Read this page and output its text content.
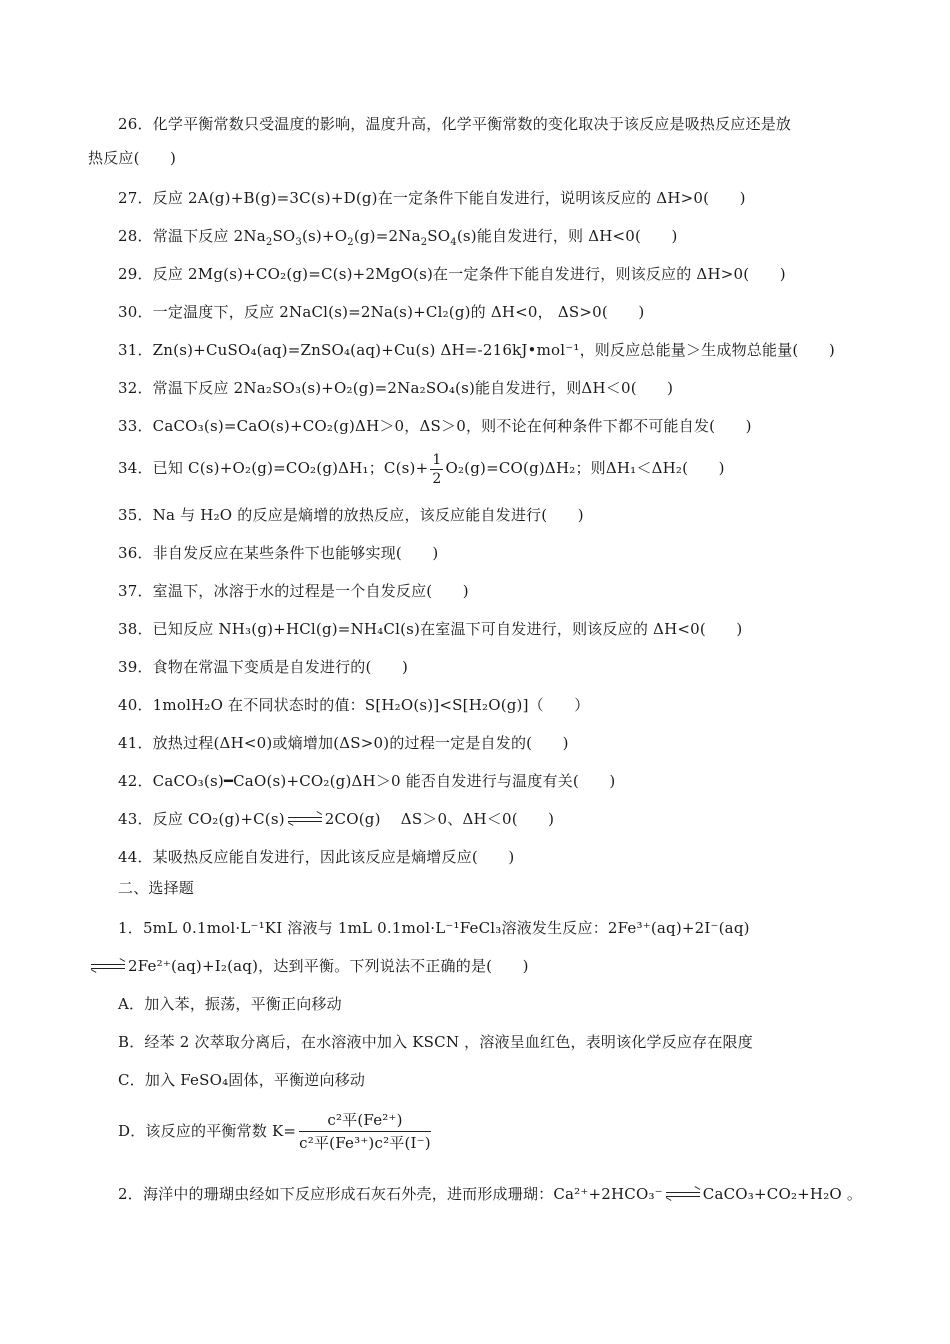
26．化学平衡常数只受温度的影响，温度升高，化学平衡常数的变化取决于该反应是吸热反应还是放
热反应(　　)
27．反应 2A(g)+B(g)=3C(s)+D(g)在一定条件下能自发进行，说明该反应的 ΔH>0(　　)
28．常温下反应 $2Na_2SO_3(s)+O_2(g)=2Na_2SO_4(s)$能自发进行，则 ΔH<0(　　)
29．反应 2Mg(s)+CO₂(g)=C(s)+2MgO(s)在一定条件下能自发进行，则该反应的 ΔH>0(　　)
30．一定温度下，反应 2NaCl(s)=2Na(s)+Cl₂(g)的 ΔH<0， ΔS>0(　　)
31．Zn(s)+CuSO₄(aq)=ZnSO₄(aq)+Cu(s) ΔH=-216kJ•mol⁻¹，则反应总能量＞生成物总能量(　　)
32．常温下反应 2Na₂SO₃(s)+O₂(g)=2Na₂SO₄(s)能自发进行，则ΔH＜0(　　)
33．CaCO₃(s)=CaO(s)+CO₂(g)ΔH＞0，ΔS＞0，则不论在何种条件下都不可能自发(　　)
34．已知 C(s)+O₂(g)=CO₂(g)ΔH₁；$C(s)+ \frac{1}{2} O_2(g)=CO(g)\Delta H_2$；则ΔH₁＜ΔH₂(　　)
35．Na 与 H₂O 的反应是熵增的放热反应，该反应能自发进行(　　)
36．非自发反应在某些条件下也能够实现(　　)
37．室温下，冰溶于水的过程是一个自发反应(　　)
38．已知反应 NH₃(g)+HCl(g)=NH₄Cl(s)在室温下可自发进行，则该反应的 ΔH<0(　　)
39．食物在常温下变质是自发进行的(　　)
40．1molH₂O 在不同状态时的值：S[H₂O(s)]<S[H₂O(g)]（　　）
41．放热过程(ΔH<0)或熵增加(ΔS>0)的过程一定是自发的(　　)
42．CaCO₃(s)━CaO(s)+CO₂(g)ΔH＞0 能否自发进行与温度有关(　　)
43．反应 CO₂(g)+C(s)	2CO(g)　 ΔS＞0、ΔH＜0(　　)
44．某吸热反应能自发进行，因此该反应是熵增反应(　　)
二、选择题
1．5mL 0.1mol·L⁻¹KI 溶液与 1mL 0.1mol·L⁻¹FeCl₃溶液发生反应：2Fe³⁺(aq)+2I⁻(aq)
2Fe²⁺(aq)+I₂(aq)，达到平衡。下列说法不正确的是(　　)
A．加入苯，振荡，平衡正向移动
B．经苯 2 次萃取分离后，在水溶液中加入 KSCN ，溶液呈血红色，表明该化学反应存在限度
C．加入 FeSO₄固体，平衡逆向移动
D．该反应的平衡常数 K=
c²平(Fe²⁺)
c²平(Fe³⁺)c²平(I⁻)
2．海洋中的珊瑚虫经如下反应形成石灰石外壳，进而形成珊瑚：Ca²⁺+2HCO₃⁻	CaCO₃+CO₂+H₂O 。
